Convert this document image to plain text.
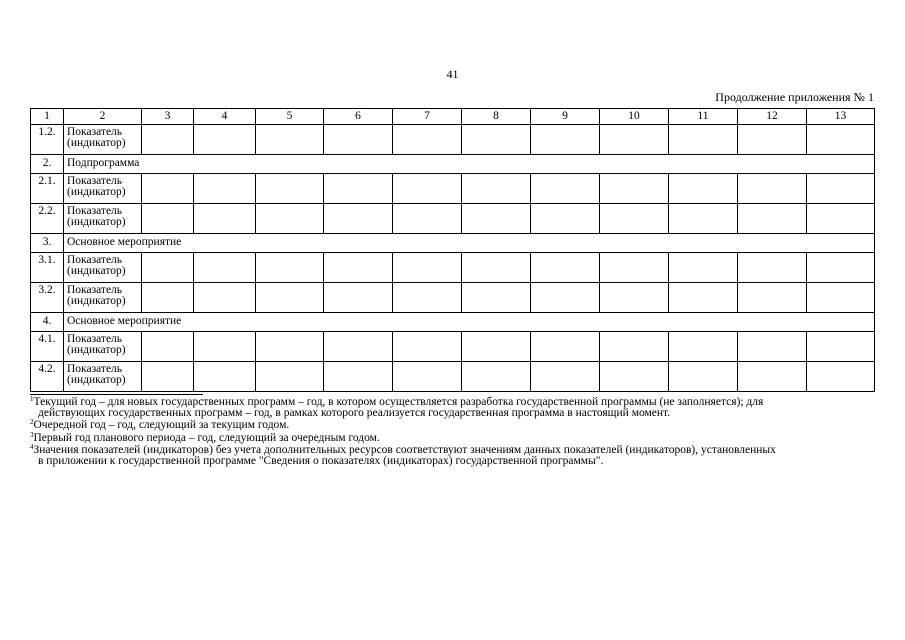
41
Продолжение приложения № 1
1	2	3	4	5	6	7	8	9	10	11	12	13
1.2.	Показатель
(индикатор)											

2.	Подпрограмма											
2.1.	Показатель
(индикатор)											

2.2.	Показатель
(индикатор)											

3.	Основное мероприятие											
3.1.	Показатель
(индикатор)											

3.2.	Показатель
(индикатор)											

4.	Основное мероприятие											
4.1.	Показатель
(индикатор)											

4.2.	Показатель
(индикатор)											

$^1$Текущий год – для новых государственных программ – год, в котором осуществляется разработка государственной программы (не заполняется); для
действующих государственных программ – год, в рамках которого реализуется государственная программа в настоящий момент.
$^2$Очередной год – год, следующий за текущим годом.
$^3$Первый год планового периода – год, следующий за очередным годом.
$^4$Значения показателей (индикаторов) без учета дополнительных ресурсов соответствуют значениям данных показателей (индикаторов), установленных
в приложении к государственной программе "Сведения о показателях (индикаторах) государственной программы".
